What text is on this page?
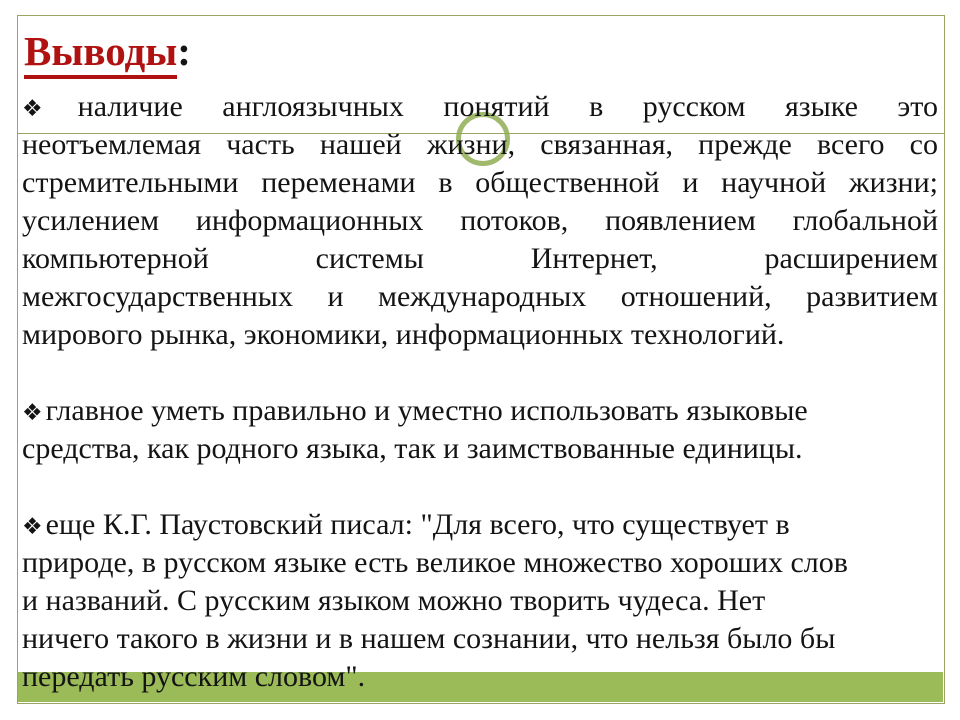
Выводы:
❖ наличие англоязычных понятий в русском языке это
неотъемлемая часть нашей жизни, связанная, прежде всего со
стремительными переменами в общественной и научной жизни;
усилением информационных потоков, появлением глобальной
компьютерной системы Интернет, расширением
межгосударственных и международных отношений, развитием
мирового рынка, экономики, информационных технологий.
❖ главное уметь правильно и уместно использовать языковые
средства, как родного языка, так и заимствованные единицы.
❖ еще К.Г. Паустовский писал: "Для всего, что существует в
природе, в русском языке есть великое множество хороших слов
и названий. С русским языком можно творить чудеса. Нет
ничего такого в жизни и в нашем сознании, что нельзя было бы
передать русским словом".
